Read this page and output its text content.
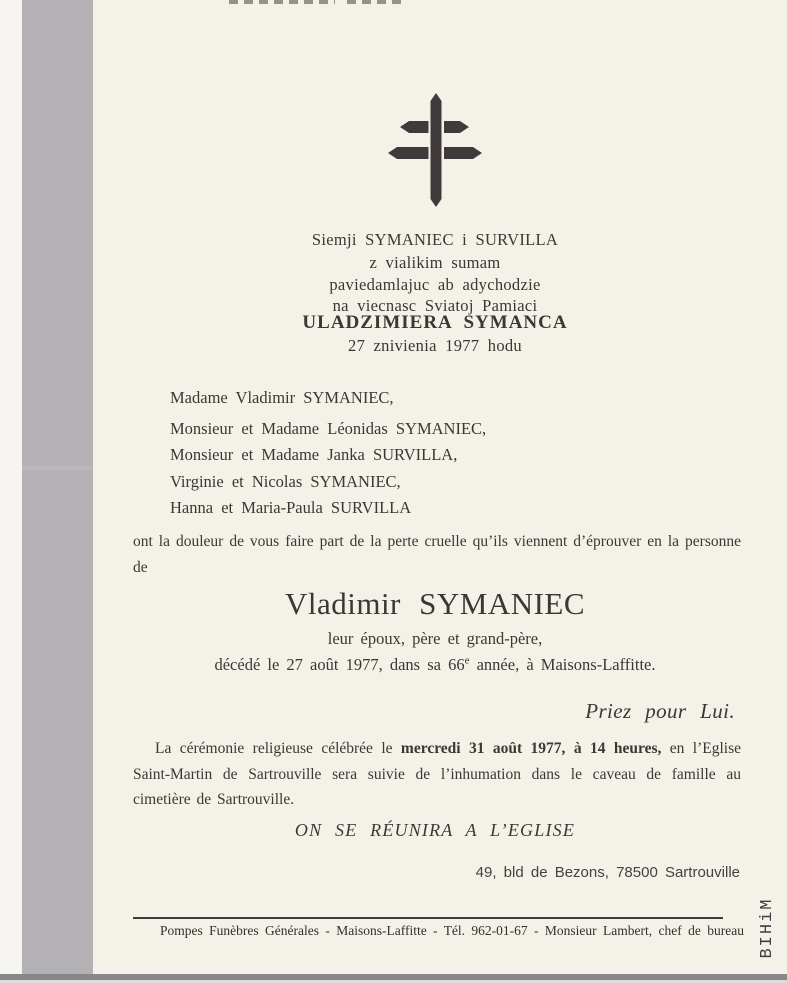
Siemji SYMANIEC i SURVILLA
z vialikim sumam
paviedamlajuc ab adychodzie
na viecnasc Sviatoj Pamiaci
ULADZIMIERA SYMANCA
27 znivienia 1977 hodu
Madame Vladimir SYMANIEC,
Monsieur et Madame Léonidas SYMANIEC,
Monsieur et Madame Janka SURVILLA,
Virginie et Nicolas SYMANIEC,
Hanna et Maria-Paula SURVILLA
ont la douleur de vous faire part de la perte cruelle qu’ils viennent d’éprouver en la personne de
Vladimir SYMANIEC
leur époux, père et grand-père,
décédé le 27 août 1977, dans sa 66e année, à Maisons-Laffitte.
Priez pour Lui.
La cérémonie religieuse célébrée le mercredi 31 août 1977, à 14 heures, en l’Eglise Saint-Martin de Sartrouville sera suivie de l’inhumation dans le caveau de famille au cimetière de Sartrouville.
ON SE RÉUNIRA A L’EGLISE
49, bld de Bezons, 78500 Sartrouville
Pompes Funèbres Générales - Maisons-Laffitte - Tél. 962-01-67 - Monsieur Lambert, chef de bureau BIHiM
